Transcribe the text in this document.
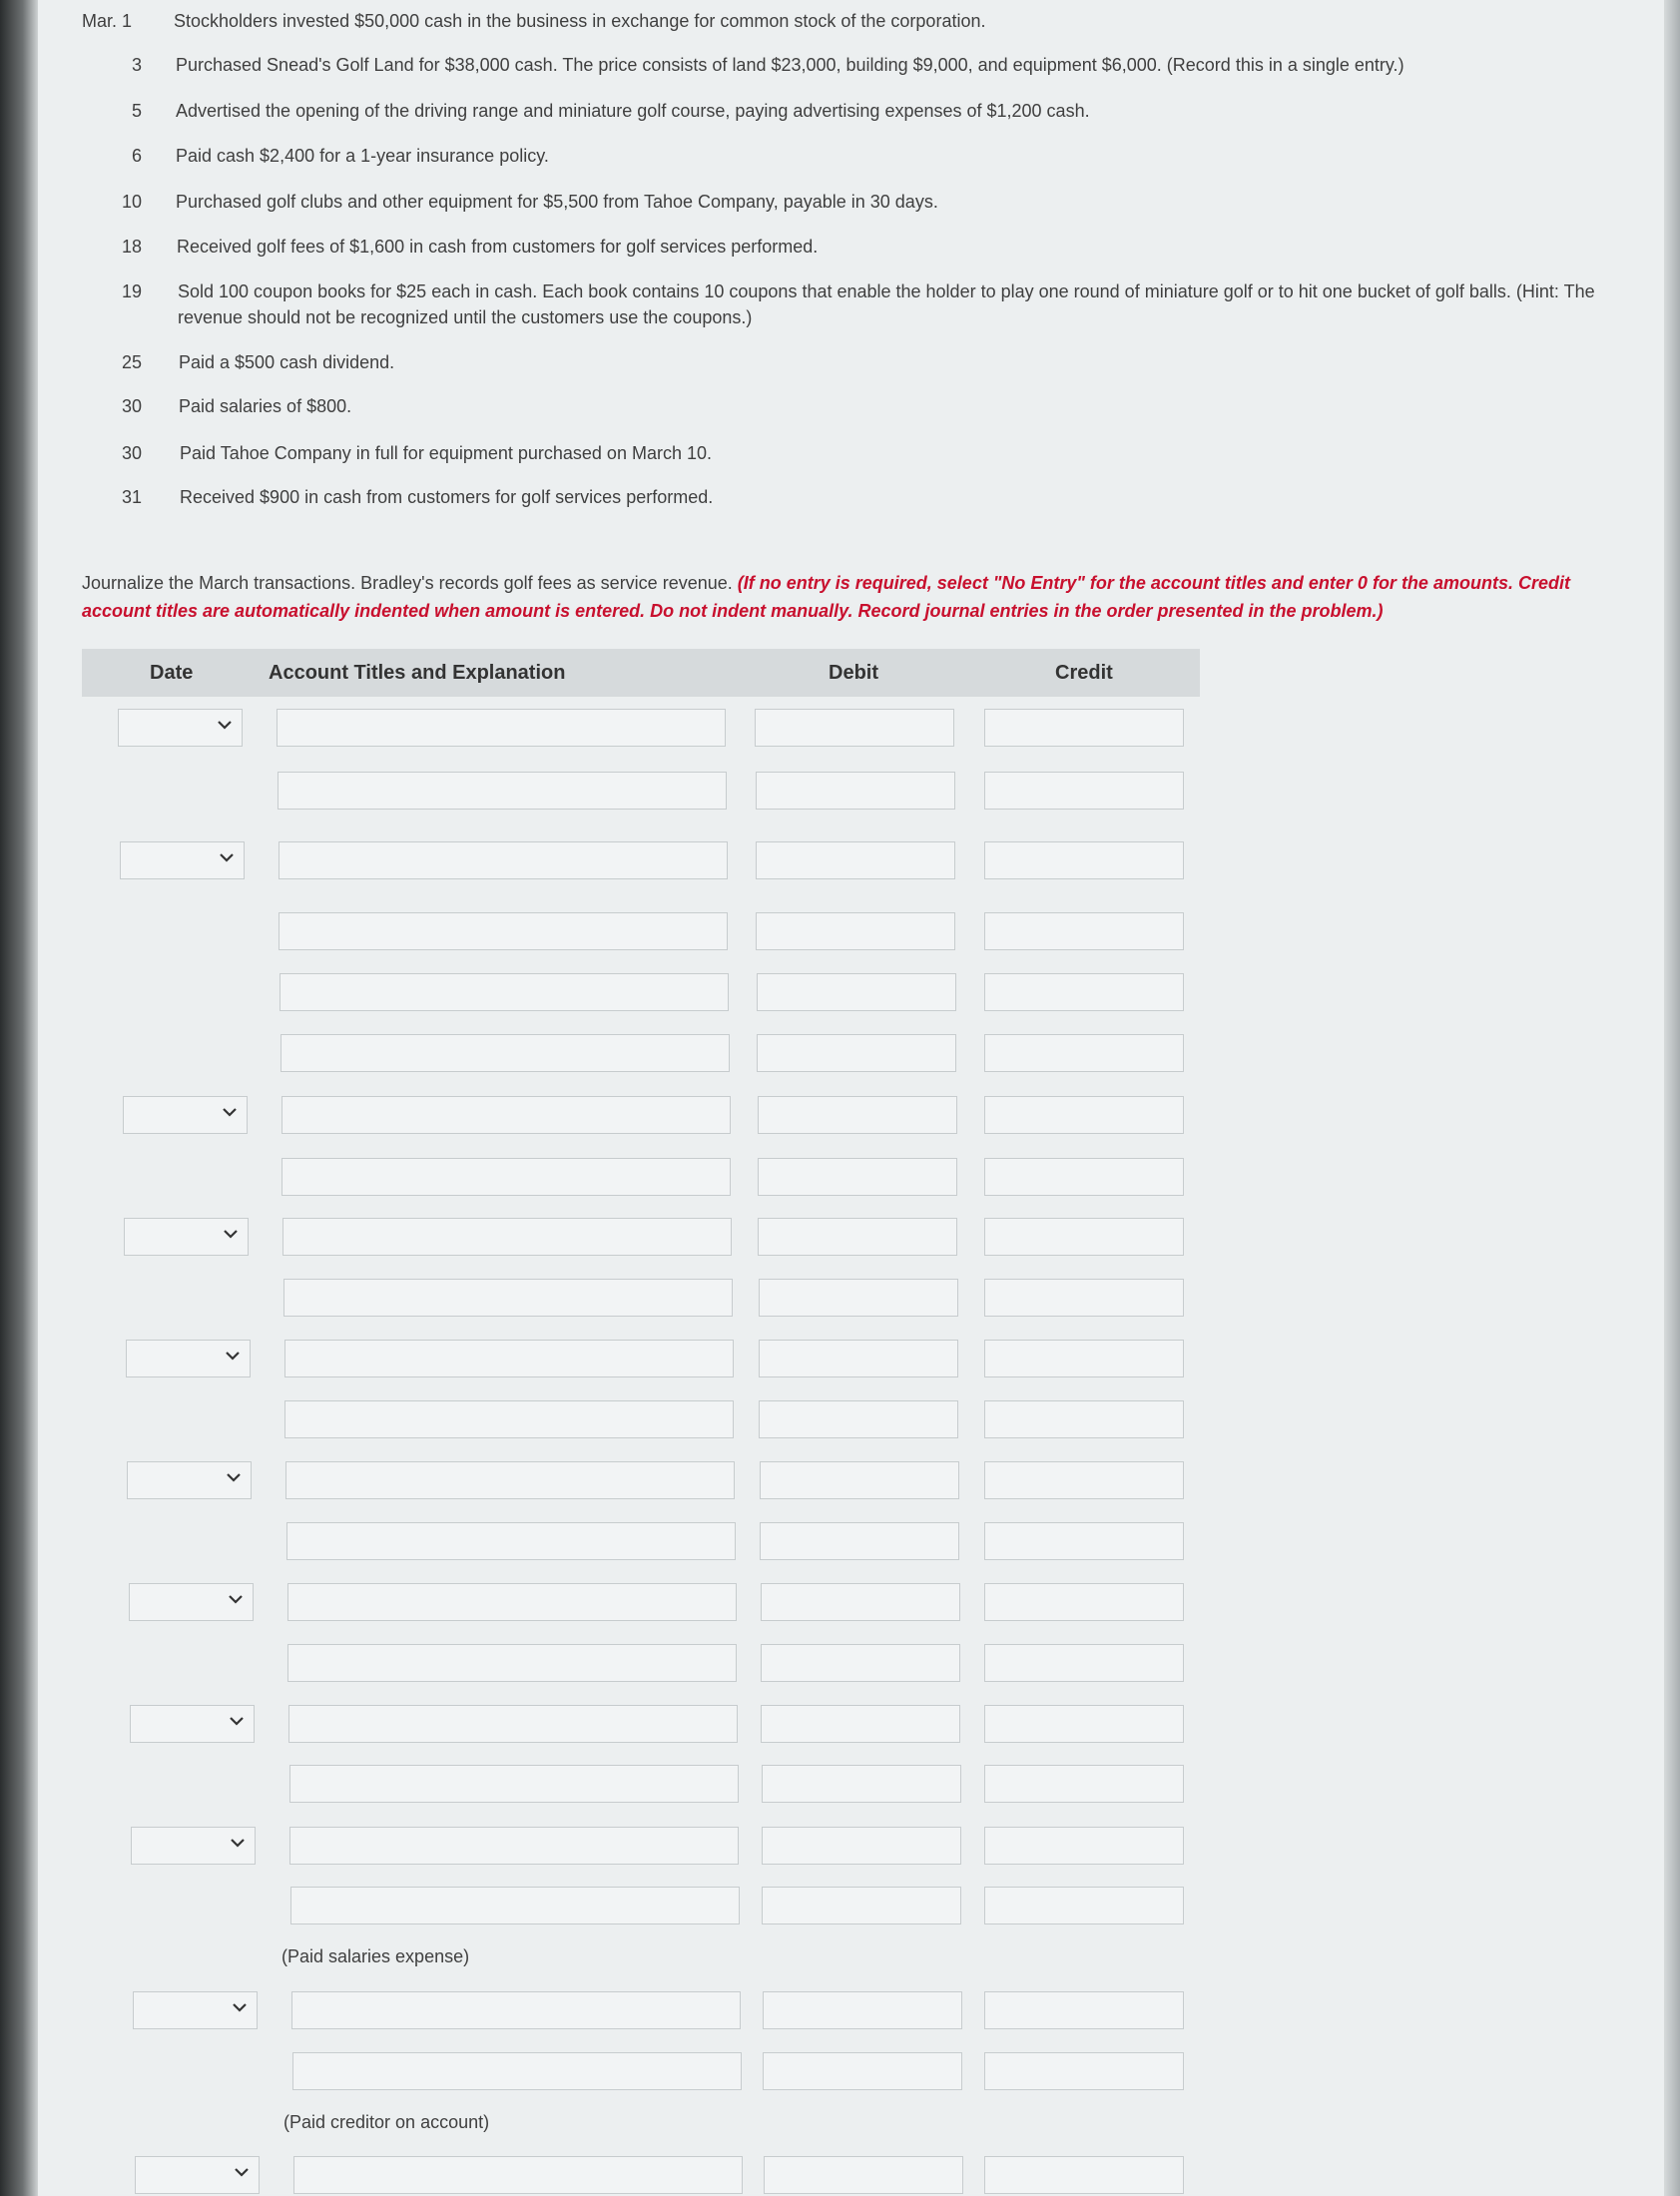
Mar. 1	Stockholders invested $50,000 cash in the business in exchange for common stock of the corporation.
3 Purchased Snead's Golf Land for $38,000 cash. The price consists of land $23,000, building $9,000, and equipment $6,000. (Record this in a single entry.)
5 Advertised the opening of the driving range and miniature golf course, paying advertising expenses of $1,200 cash.
6 Paid cash $2,400 for a 1-year insurance policy.
10 Purchased golf clubs and other equipment for $5,500 from Tahoe Company, payable in 30 days.
18 Received golf fees of $1,600 in cash from customers for golf services performed.
19 Sold 100 coupon books for $25 each in cash. Each book contains 10 coupons that enable the holder to play one round of miniature golf or to hit one bucket of golf balls. (Hint: The revenue should not be recognized until the customers use the coupons.)
25 Paid a $500 cash dividend.
30 Paid salaries of $800.
30 Paid Tahoe Company in full for equipment purchased on March 10.
31 Received $900 in cash from customers for golf services performed.
Journalize the March transactions. Bradley's records golf fees as service revenue. (If no entry is required, select "No Entry" for the account titles and enter 0 for the amounts. Credit account titles are automatically indented when amount is entered. Do not indent manually. Record journal entries in the order presented in the problem.)
Date	Account Titles and Explanation	Debit	Credit
(Paid salaries expense)
(Paid creditor on account)
